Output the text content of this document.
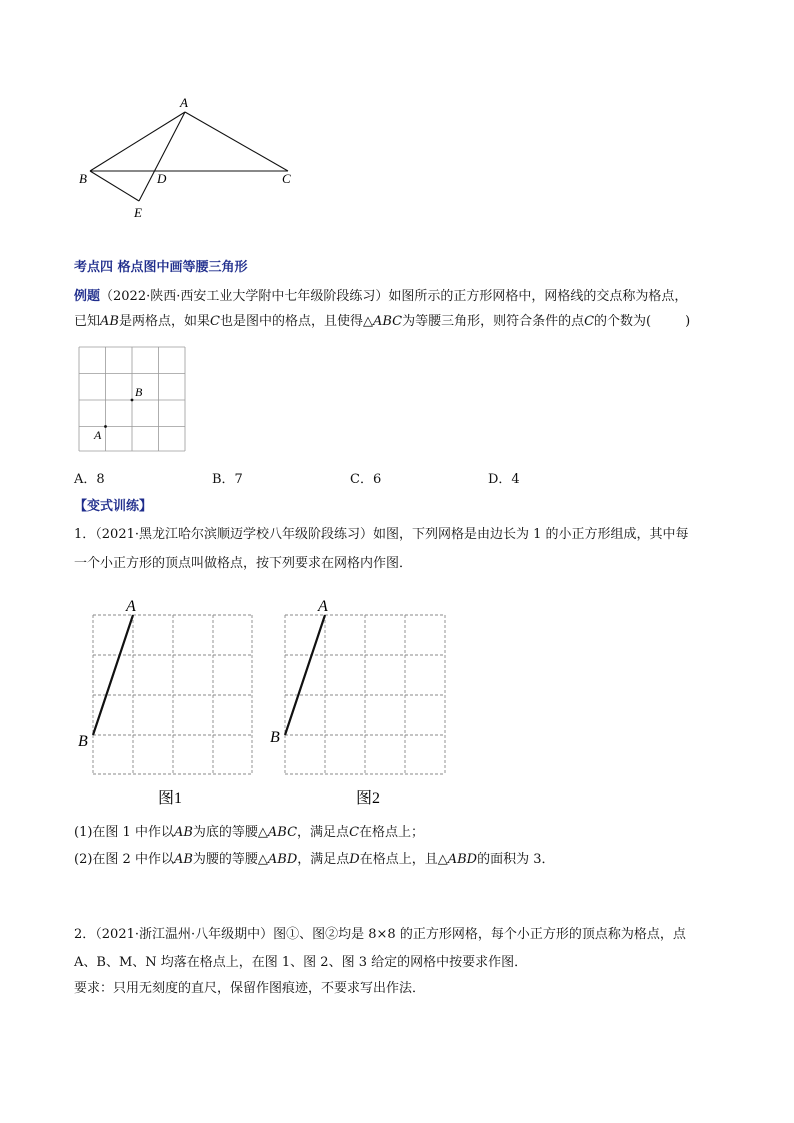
A
B	D	C
E
考点四 格点图中画等腰三角形
例题（2022·陕西·西安工业大学附中七年级阶段练习）如图所示的正方形网格中，网格线的交点称为格点，
已知AB是两格点，如果C也是图中的格点，且使得△ABC为等腰三角形，则符合条件的点C的个数为(	)
A
B
A．8	B．7	C．6	D．4
【变式训练】
1．（2021·黑龙江哈尔滨顺迈学校八年级阶段练习）如图，下列网格是由边长为 1 的小正方形组成，其中每
一个小正方形的顶点叫做格点，按下列要求在网格内作图．
A
B
图1
A
B
图2
(1)在图 1 中作以AB为底的等腰△ABC，满足点C在格点上；
(2)在图 2 中作以AB为腰的等腰△ABD，满足点D在格点上，且△ABD的面积为 3．
2．（2021·浙江温州·八年级期中）图①、图②均是 8×8 的正方形网格，每个小正方形的顶点称为格点，点
A、B、M、N 均落在格点上，在图 1、图 2、图 3 给定的网格中按要求作图．
要求：只用无刻度的直尺，保留作图痕迹，不要求写出作法．
